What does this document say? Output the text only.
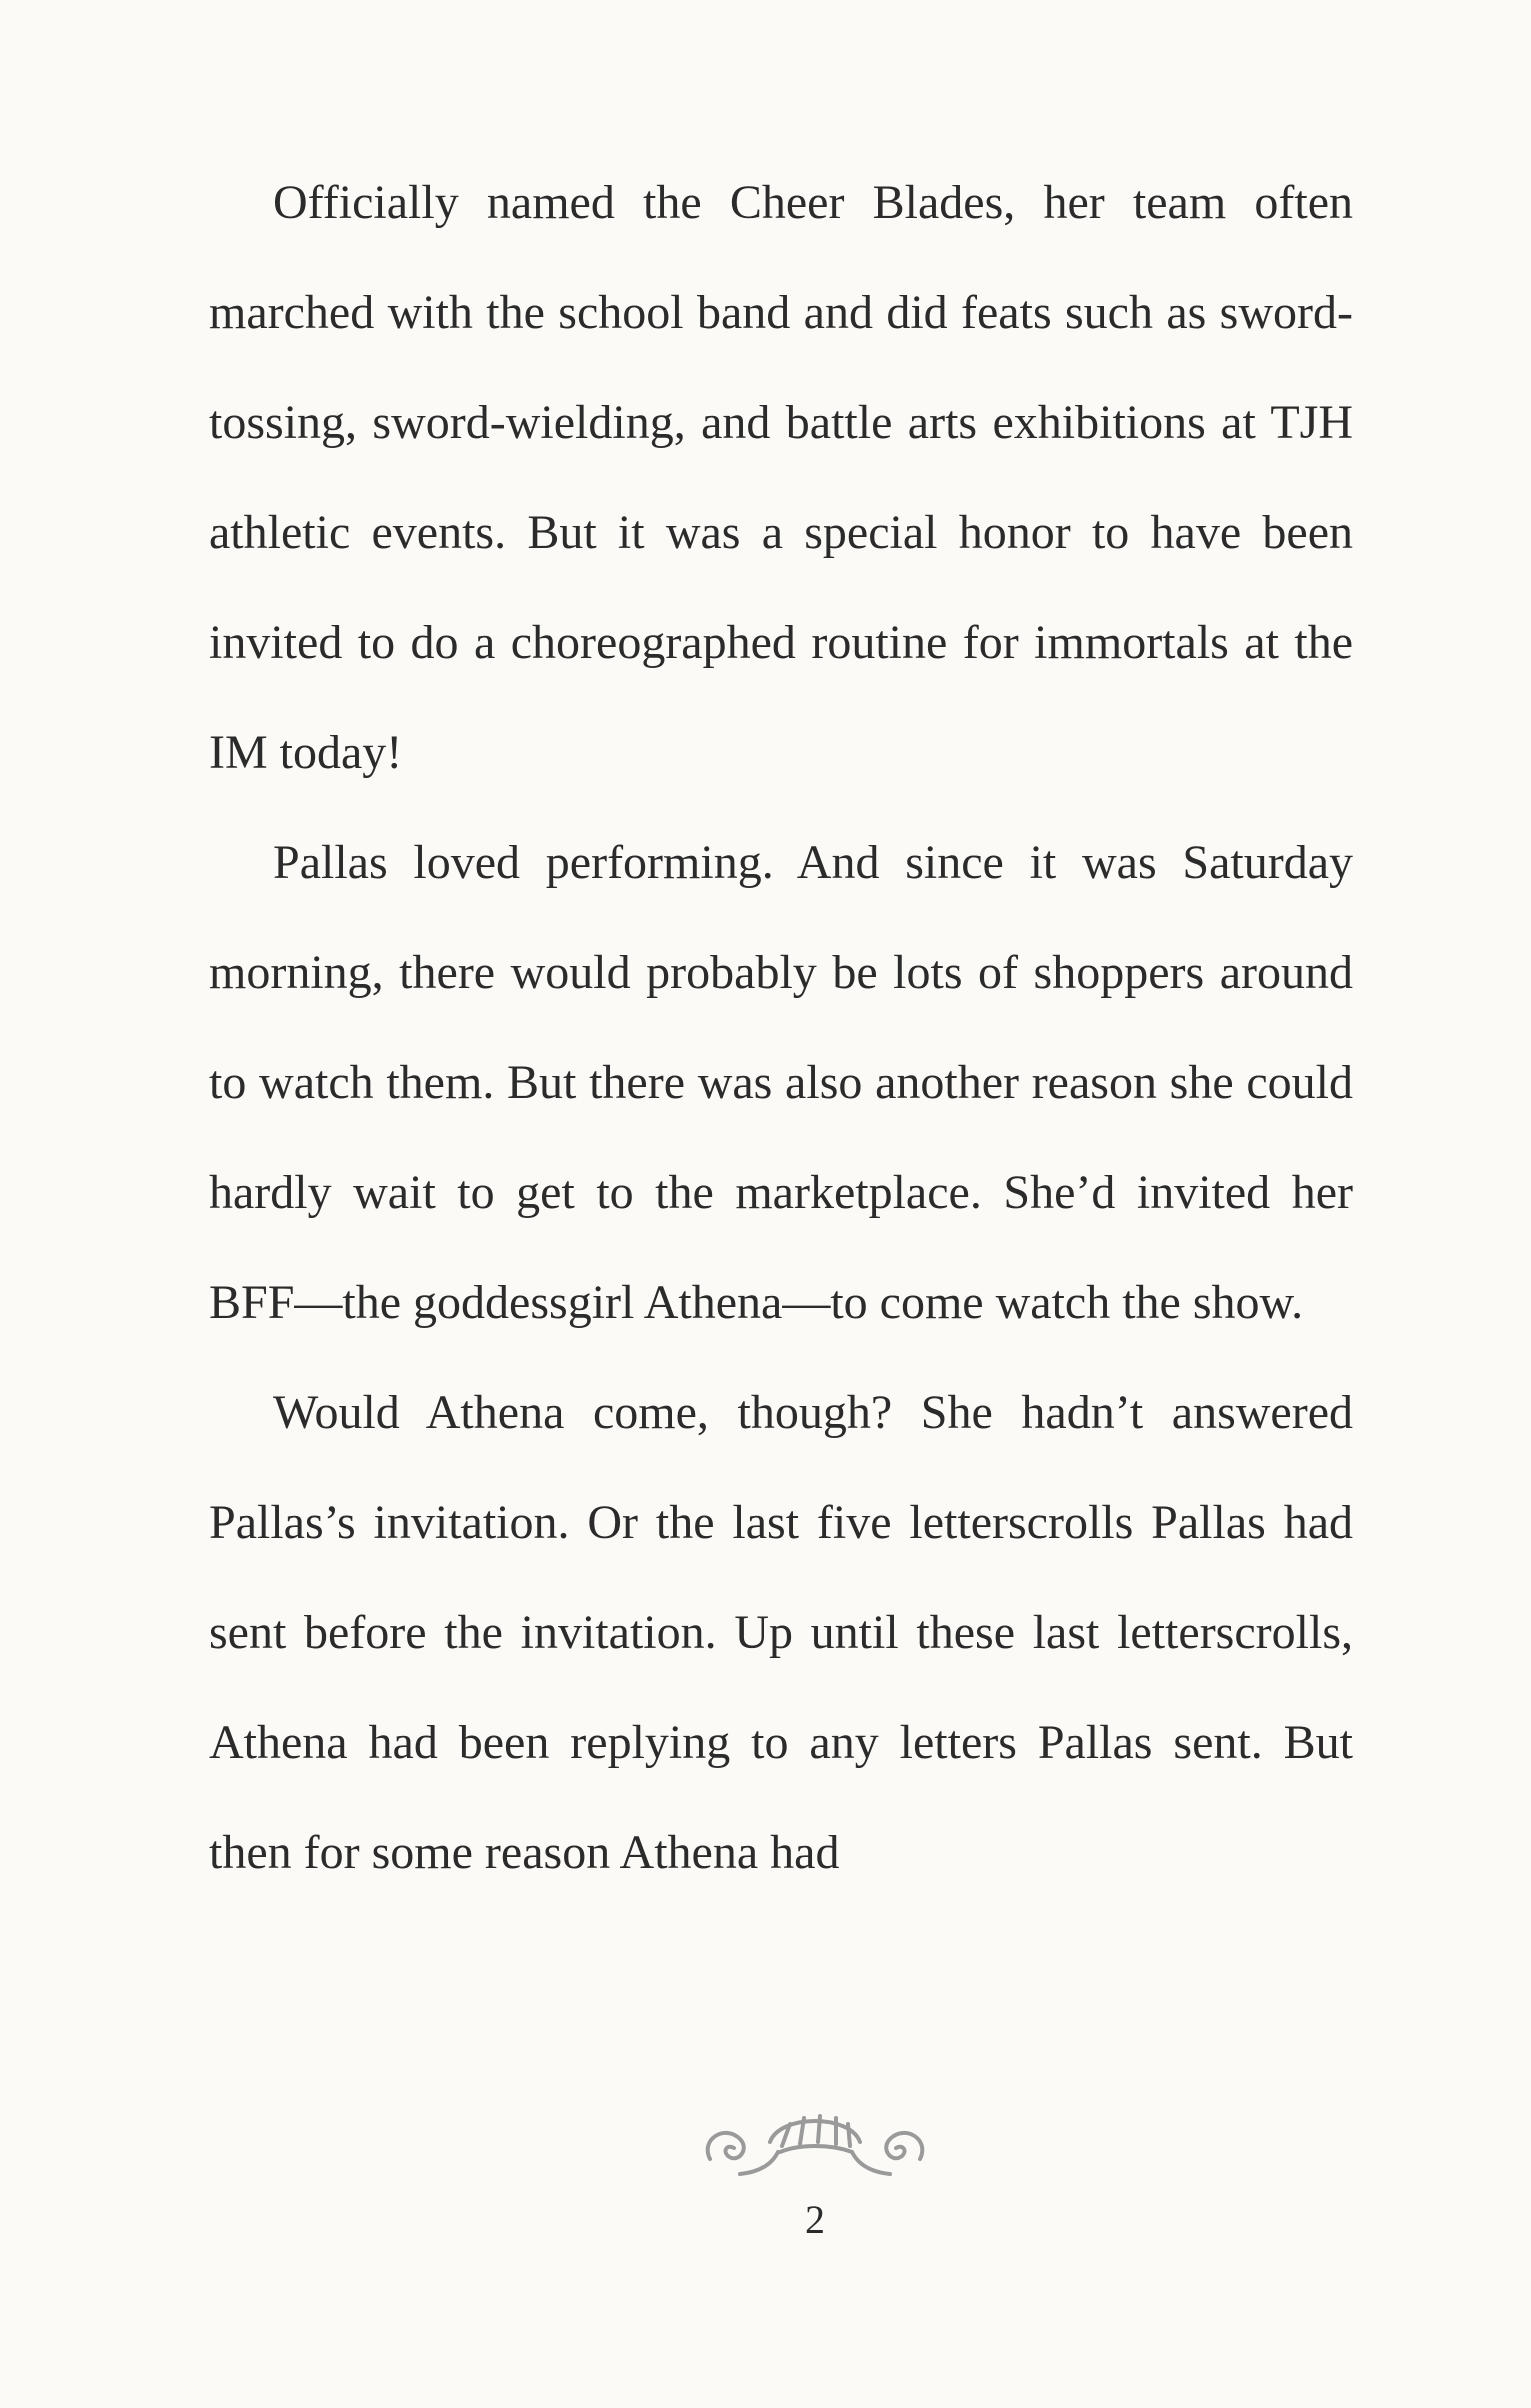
Officially named the Cheer Blades, her team often marched with the school band and did feats such as sword-tossing, sword-wielding, and battle arts exhibitions at TJH athletic events. But it was a special honor to have been invited to do a choreographed routine for immortals at the IM today!

Pallas loved performing. And since it was Saturday morning, there would probably be lots of shoppers around to watch them. But there was also another reason she could hardly wait to get to the marketplace. She’d invited her BFF—the goddessgirl Athena—to come watch the show.

Would Athena come, though? She hadn’t answered Pallas’s invitation. Or the last five letterscrolls Pallas had sent before the invitation. Up until these last letterscrolls, Athena had been replying to any letters Pallas sent. But then for some reason Athena had

2
